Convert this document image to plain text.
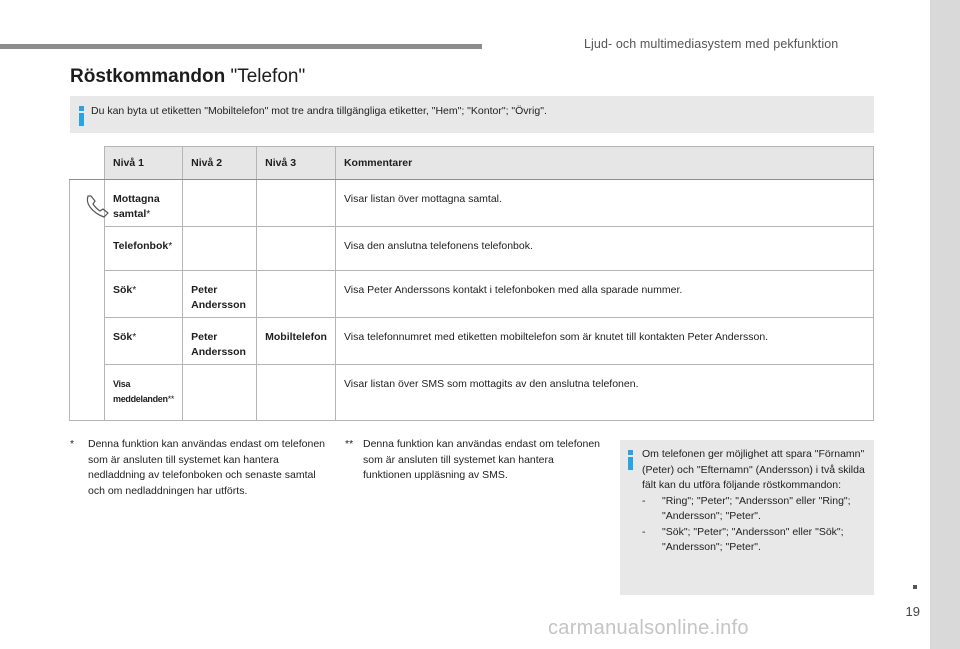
Ljud- och multimediasystem med pekfunktion
19
Röstkommandon "Telefon"
Du kan byta ut etiketten "Mobiltelefon" mot tre andra tillgängliga etiketter, "Hem"; "Kontor"; "Övrig".
	Nivå 1	Nivå 2	Nivå 3	Kommentarer

	Mottagna samtal*			Visar listan över mottagna samtal.
	Telefonbok*			Visa den anslutna telefonens telefonbok.
	Sök*	Peter Andersson		Visa Peter Anderssons kontakt i telefonboken med alla sparade nummer.
	Sök*	Peter Andersson	Mobiltelefon	Visa telefonnumret med etiketten mobiltelefon som är knutet till kontakten Peter Andersson.
	Visa meddelanden**			Visar listan över SMS som mottagits av den anslutna telefonen.
* Denna funktion kan användas endast om telefonen som är ansluten till systemet kan hantera nedladdning av telefonboken och senaste samtal och om nedladdningen har utförts.
** Denna funktion kan användas endast om telefonen som är ansluten till systemet kan hantera funktionen uppläsning av SMS.
Om telefonen ger möjlighet att spara "Förnamn" (Peter) och "Efternamn" (Andersson) i två skilda fält kan du utföra följande röstkommandon:
- "Ring"; "Peter"; "Andersson" eller "Ring"; "Andersson"; "Peter".
- "Sök"; "Peter"; "Andersson" eller "Sök"; "Andersson"; "Peter".
carmanualsonline.info
